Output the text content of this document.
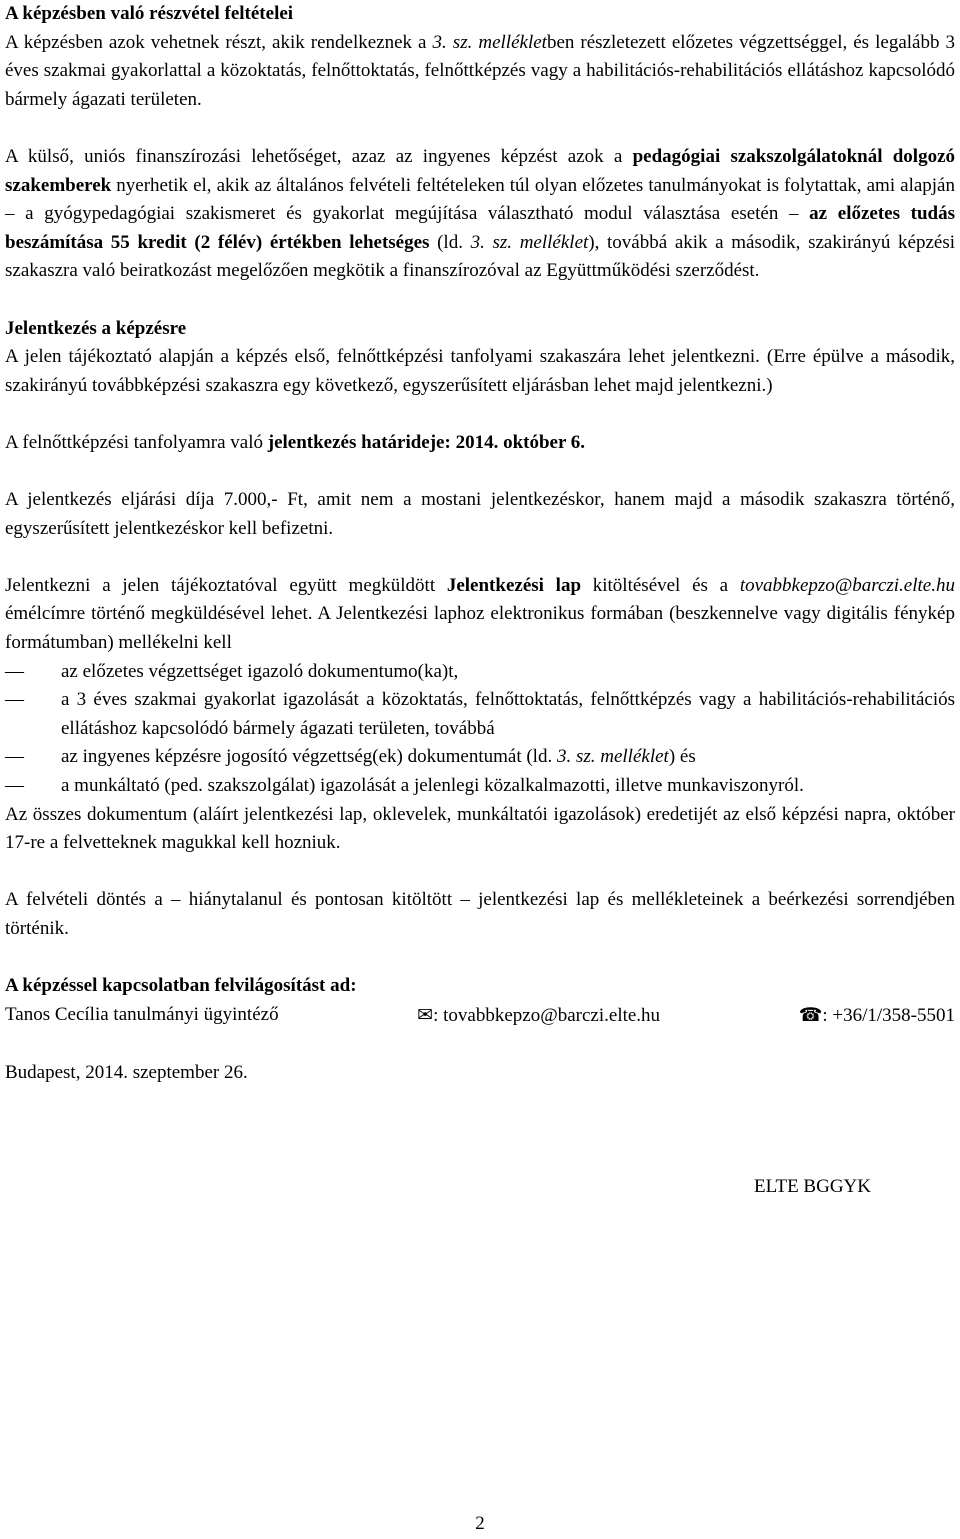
A képzésben való részvétel feltételei

A képzésben azok vehetnek részt, akik rendelkeznek a 3. sz. mellékletben részletezett előzetes végzettséggel, és legalább 3 éves szakmai gyakorlattal a közoktatás, felnőttoktatás, felnőttképzés vagy a habilitációs-rehabilitációs ellátáshoz kapcsolódó bármely ágazati területen.

A külső, uniós finanszírozási lehetőséget, azaz az ingyenes képzést azok a pedagógiai szakszolgálatoknál dolgozó szakemberek nyerhetik el, akik az általános felvételi feltételeken túl olyan előzetes tanulmányokat is folytattak, ami alapján – a gyógypedagógiai szakismeret és gyakorlat megújítása választható modul választása esetén – az előzetes tudás beszámítása 55 kredit (2 félév) értékben lehetséges (ld. 3. sz. melléklet), továbbá akik a második, szakirányú képzési szakaszra való beiratkozást megelőzően megkötik a finanszírozóval az Együttműködési szerződést.

Jelentkezés a képzésre

A jelen tájékoztató alapján a képzés első, felnőttképzési tanfolyami szakaszára lehet jelentkezni. (Erre épülve a második, szakirányú továbbképzési szakaszra egy következő, egyszerűsített eljárásban lehet majd jelentkezni.)

A felnőttképzési tanfolyamra való jelentkezés határideje: 2014. október 6.

A jelentkezés eljárási díja 7.000,- Ft, amit nem a mostani jelentkezéskor, hanem majd a második szakaszra történő, egyszerűsített jelentkezéskor kell befizetni.

Jelentkezni a jelen tájékoztatóval együtt megküldött Jelentkezési lap kitöltésével és a tovabbkepzo@barczi.elte.hu émélcímre történő megküldésével lehet. A Jelentkezési laphoz elektronikus formában (beszkennelve vagy digitális fénykép formátumban) mellékelni kell

— az előzetes végzettséget igazoló dokumentumo(ka)t,
— a 3 éves szakmai gyakorlat igazolását a közoktatás, felnőttoktatás, felnőttképzés vagy a habilitációs-rehabilitációs ellátáshoz kapcsolódó bármely ágazati területen, továbbá
— az ingyenes képzésre jogosító végzettség(ek) dokumentumát (ld. 3. sz. melléklet) és
— a munkáltató (ped. szakszolgálat) igazolását a jelenlegi közalkalmazotti, illetve munkaviszonyról.

Az összes dokumentum (aláírt jelentkezési lap, oklevelek, munkáltatói igazolások) eredetijét az első képzési napra, október 17-re a felvetteknek magukkal kell hozniuk.

A felvételi döntés a – hiánytalanul és pontosan kitöltött – jelentkezési lap és mellékleteinek a beérkezési sorrendjében történik.

A képzéssel kapcsolatban felvilágosítást ad:

Tanos Cecília tanulmányi ügyintéző	✉: tovabbkepzo@barczi.elte.hu	☎: +36/1/358-5501

Budapest, 2014. szeptember 26.

ELTE BGGYK

2
